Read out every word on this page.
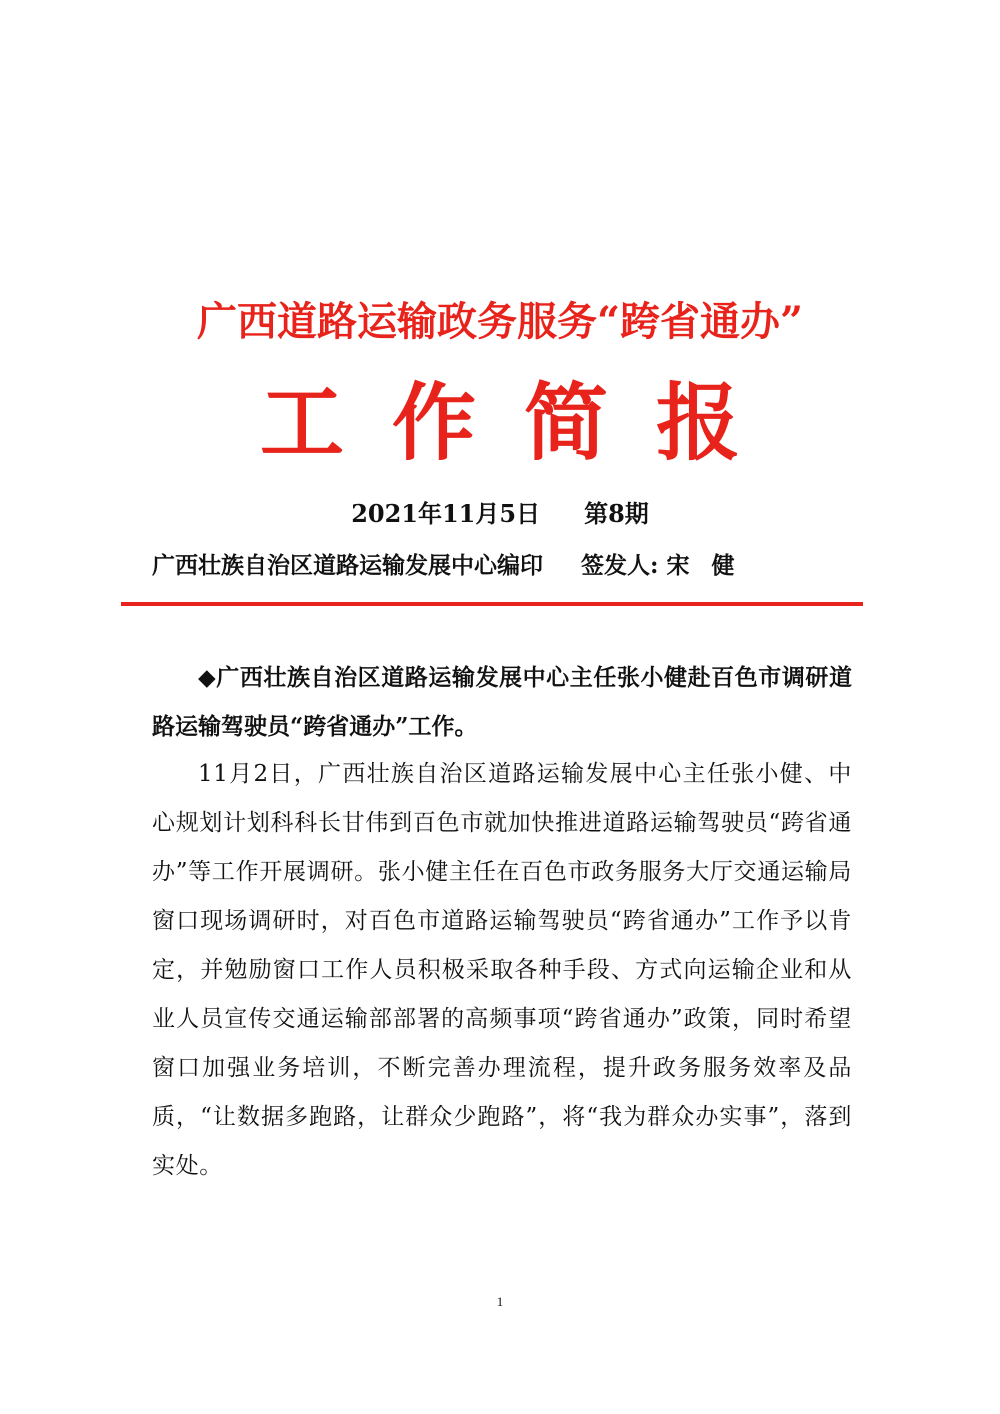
广西道路运输政务服务“跨省通办”
工作简报
2021年11月5日 第8期
广西壮族自治区道路运输发展中心编印 签发人: 宋健
◆广西壮族自治区道路运输发展中心主任张小健赴百色市调研道路运输驾驶员“跨省通办”工作。
11月2日，广西壮族自治区道路运输发展中心主任张小健、中心规划计划科科长甘伟到百色市就加快推进道路运输驾驶员“跨省通办”等工作开展调研。张小健主任在百色市政务服务大厅交通运输局窗口现场调研时，对百色市道路运输驾驶员“跨省通办”工作予以肯定，并勉励窗口工作人员积极采取各种手段、方式向运输企业和从业人员宣传交通运输部部署的高频事项“跨省通办”政策，同时希望窗口加强业务培训，不断完善办理流程，提升政务服务效率及品质，“让数据多跑路，让群众少跑路”，将“我为群众办实事”，落到实处。
1
